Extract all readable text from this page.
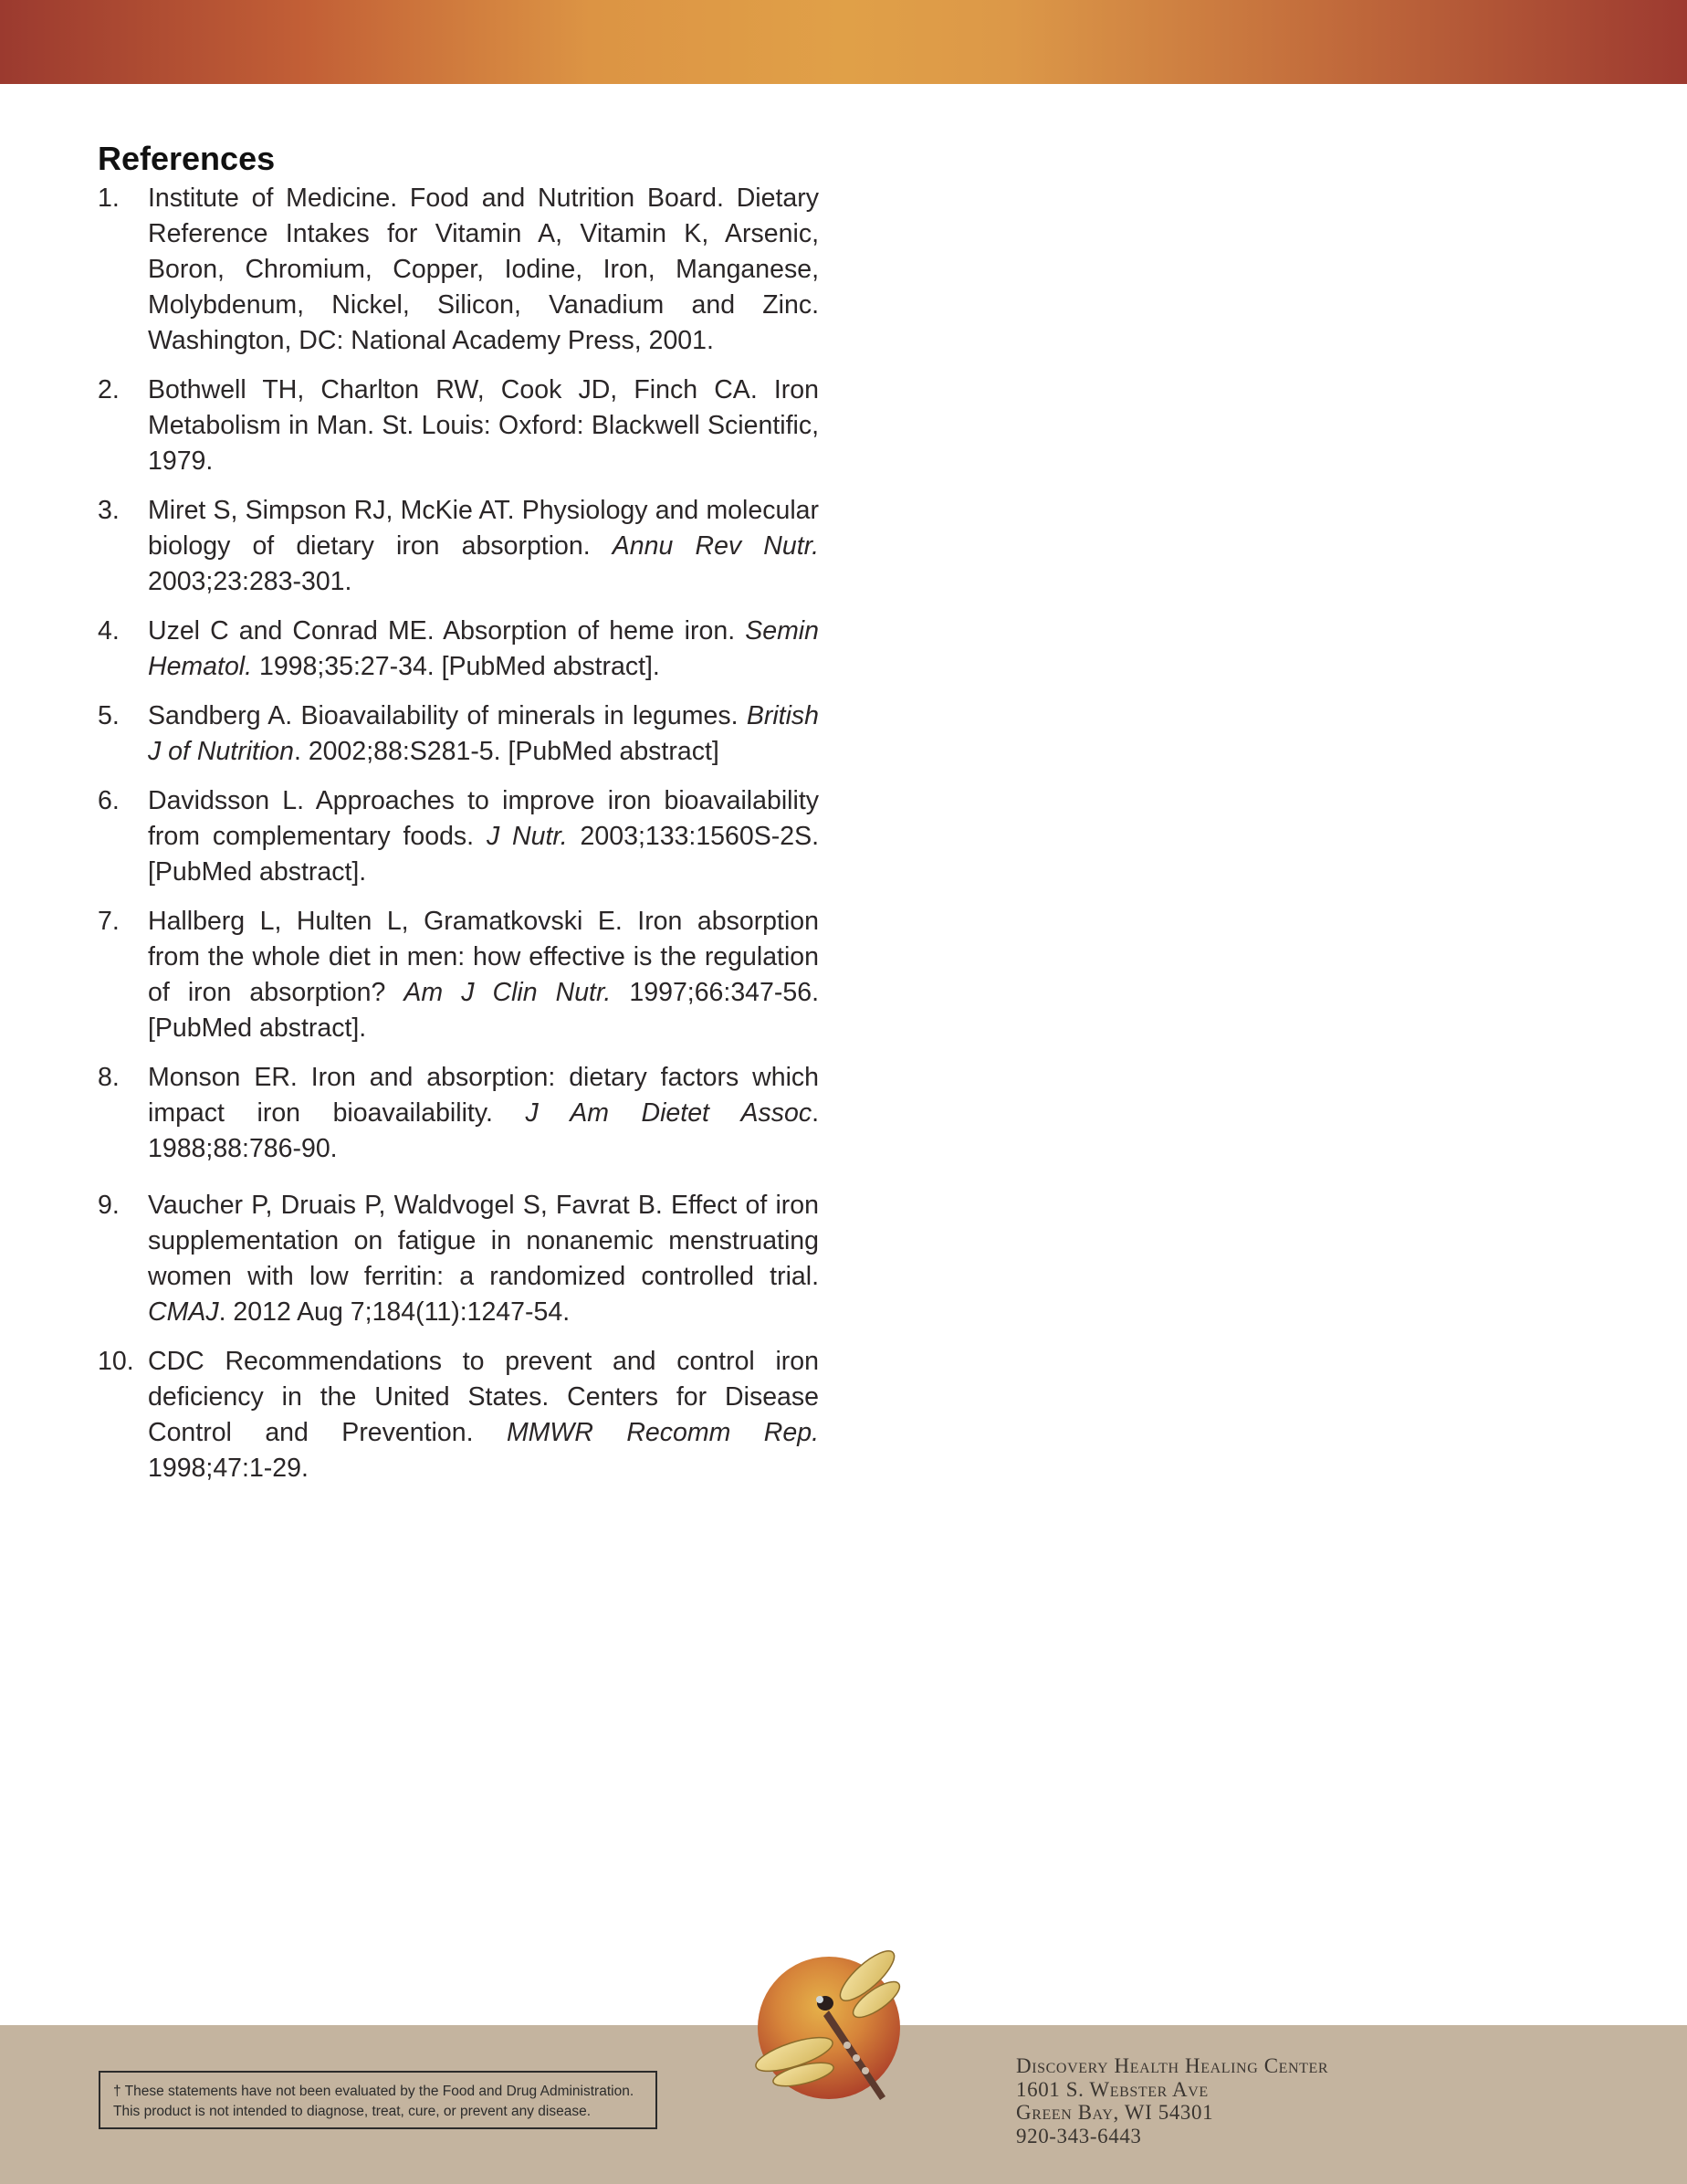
References
1. Institute of Medicine. Food and Nutrition Board. Dietary Reference Intakes for Vitamin A, Vitamin K, Arsenic, Boron, Chromium, Copper, Iodine, Iron, Manganese, Molybdenum, Nickel, Silicon, Vanadium and Zinc. Washington, DC: National Academy Press, 2001.
2. Bothwell TH, Charlton RW, Cook JD, Finch CA. Iron Metabolism in Man. St. Louis: Oxford: Blackwell Scientific, 1979.
3. Miret S, Simpson RJ, McKie AT. Physiology and molecular biology of dietary iron absorption. Annu Rev Nutr. 2003;23:283-301.
4. Uzel C and Conrad ME. Absorption of heme iron. Semin Hematol. 1998;35:27-34. [PubMed abstract].
5. Sandberg A. Bioavailability of minerals in legumes. British J of Nutrition. 2002;88:S281-5. [PubMed abstract]
6. Davidsson L. Approaches to improve iron bioavailability from complementary foods. J Nutr. 2003;133:1560S-2S. [PubMed abstract].
7. Hallberg L, Hulten L, Gramatkovski E. Iron absorption from the whole diet in men: how effective is the regulation of iron absorption? Am J Clin Nutr. 1997;66:347-56. [PubMed abstract].
8. Monson ER. Iron and absorption: dietary factors which impact iron bioavailability. J Am Dietet Assoc. 1988;88:786-90.
9. Vaucher P, Druais P, Waldvogel S, Favrat B. Effect of iron supplementation on fatigue in nonanemic menstruating women with low ferritin: a randomized controlled trial. CMAJ. 2012 Aug 7;184(11):1247-54.
10. CDC Recommendations to prevent and control iron deficiency in the United States. Centers for Disease Control and Prevention. MMWR Recomm Rep. 1998;47:1-29.
† These statements have not been evaluated by the Food and Drug Administration.
This product is not intended to diagnose, treat, cure, or prevent any disease.
Discovery Health Healing Center
1601 S. Webster Ave
Green Bay, WI 54301
920-343-6443
